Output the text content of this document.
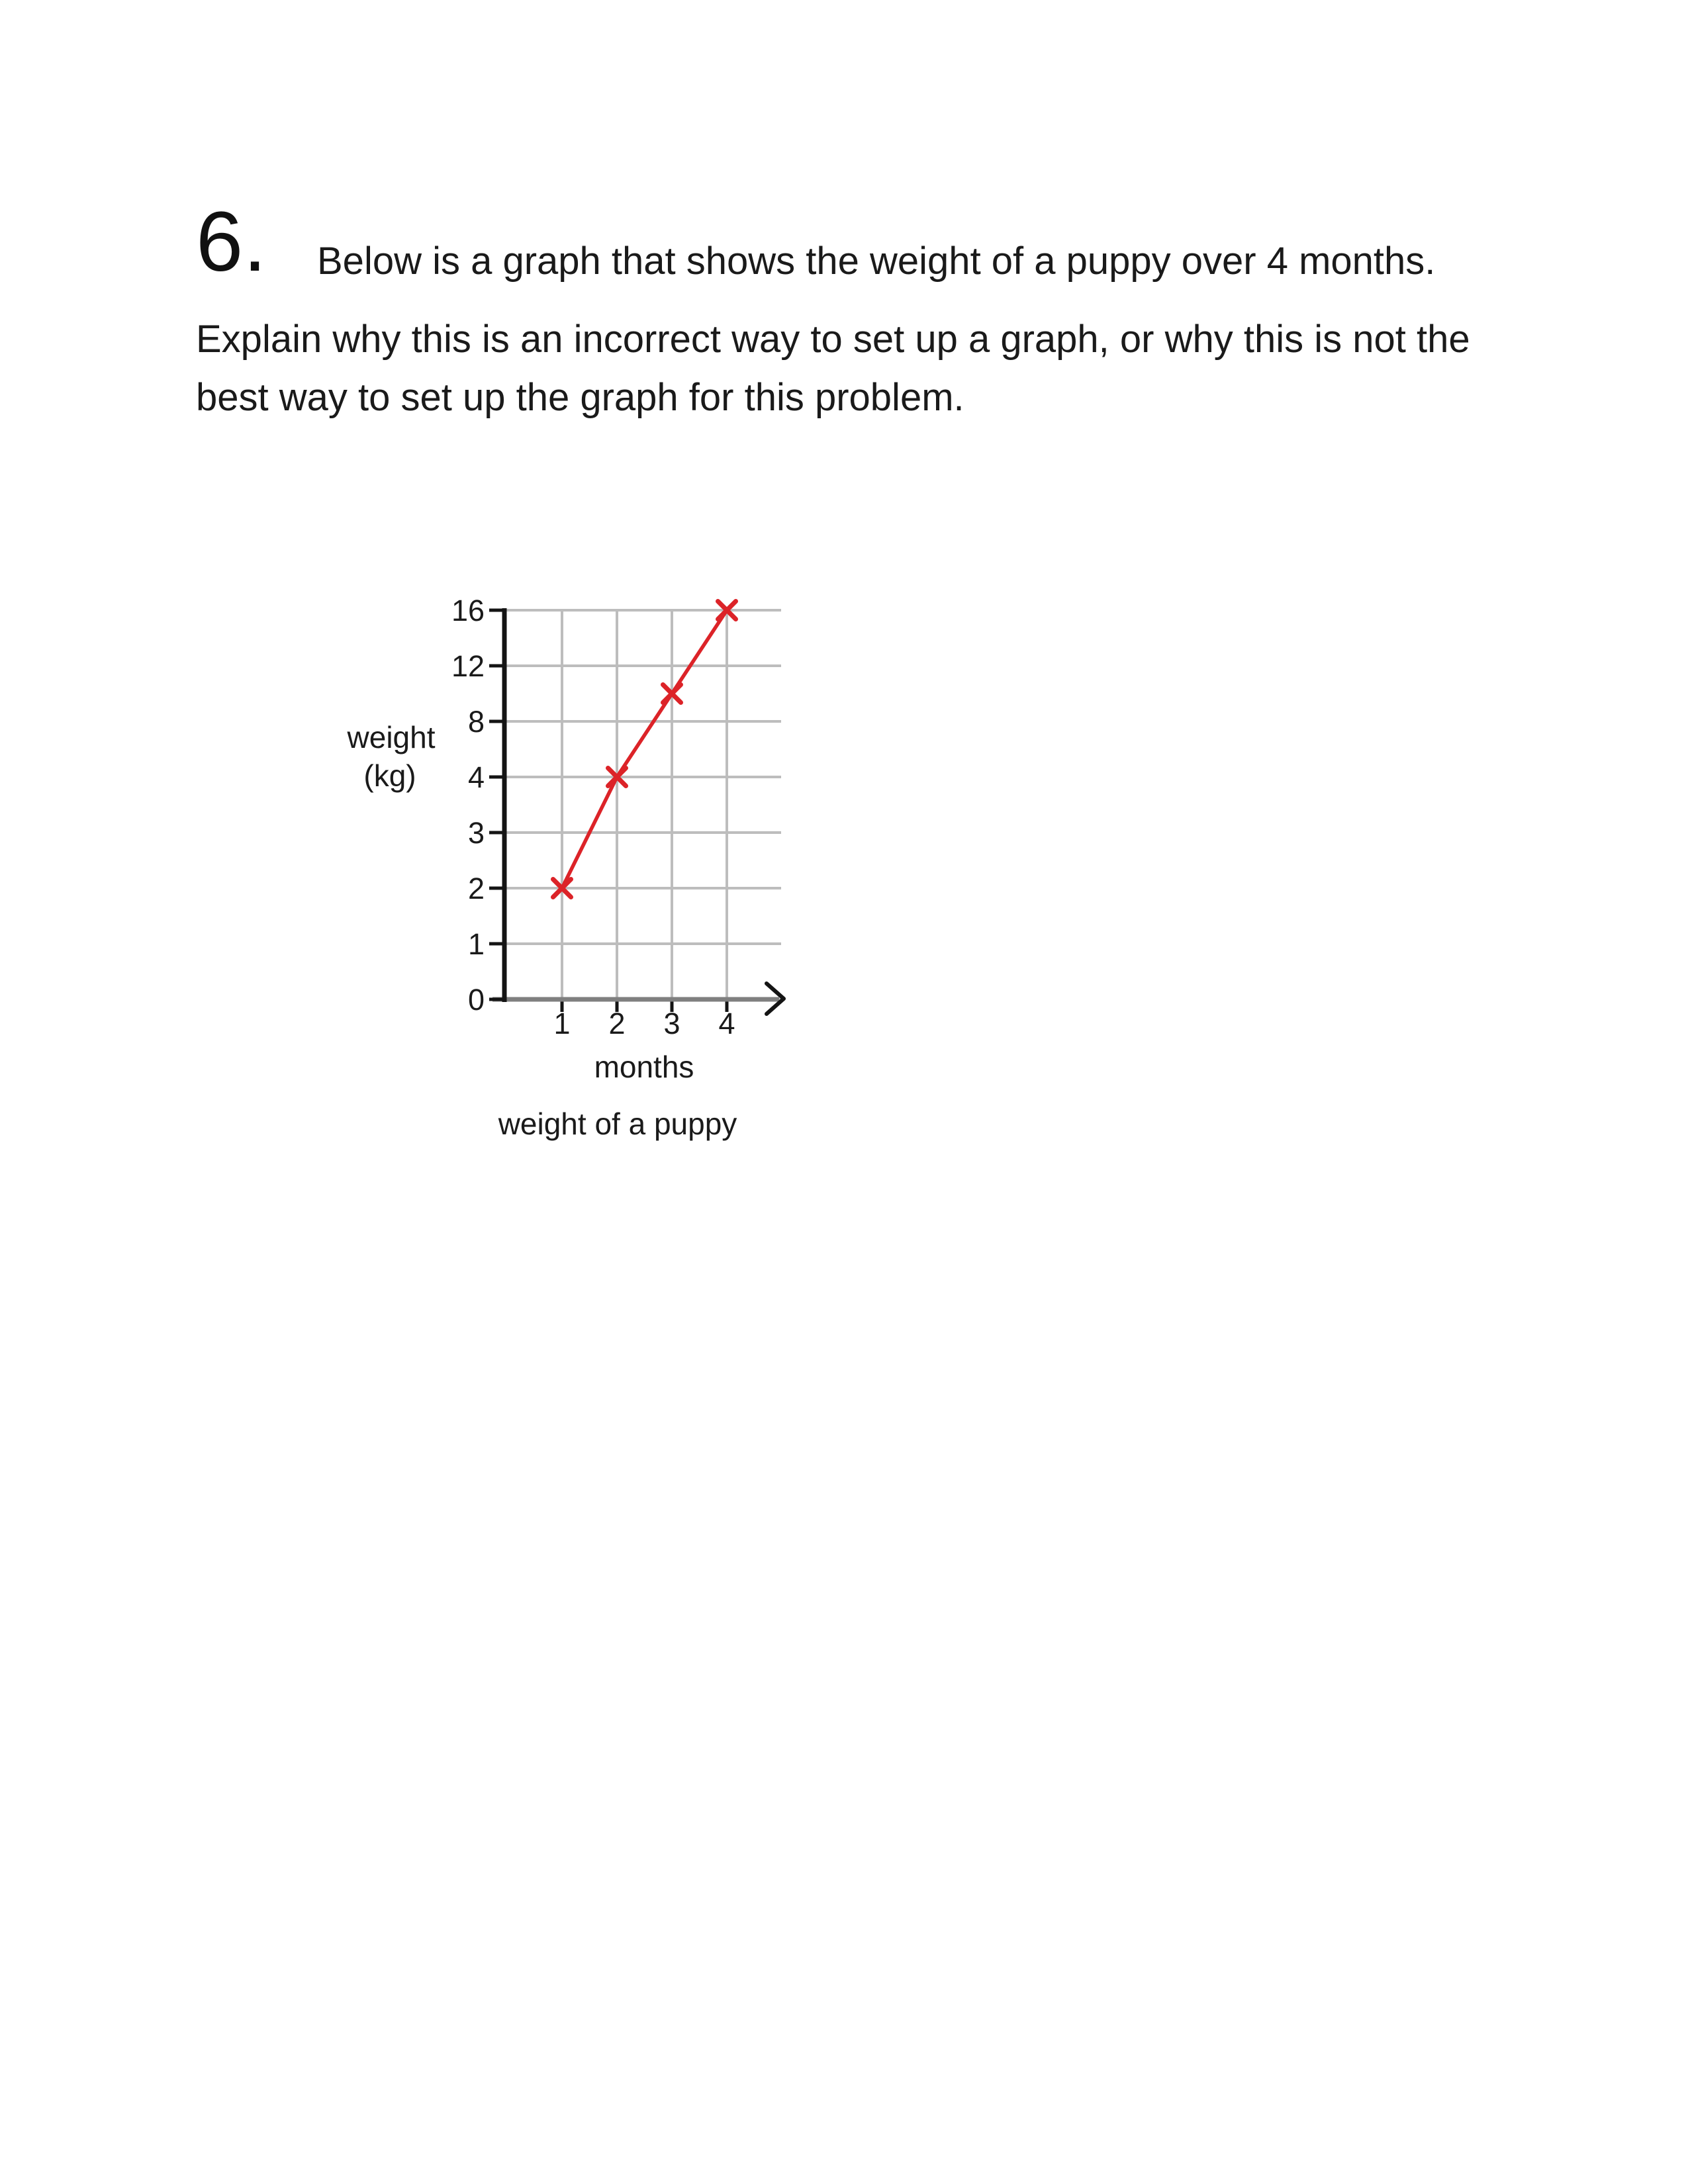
6. Below is a graph that shows the weight of a puppy over 4 months.
Explain why this is an incorrect way to set up a graph, or why this is not the
best way to set up the graph for this problem.
0
1
2
3
4
8
12
16
1 2 3 4
weight
(kg)
months
weight of a puppy
